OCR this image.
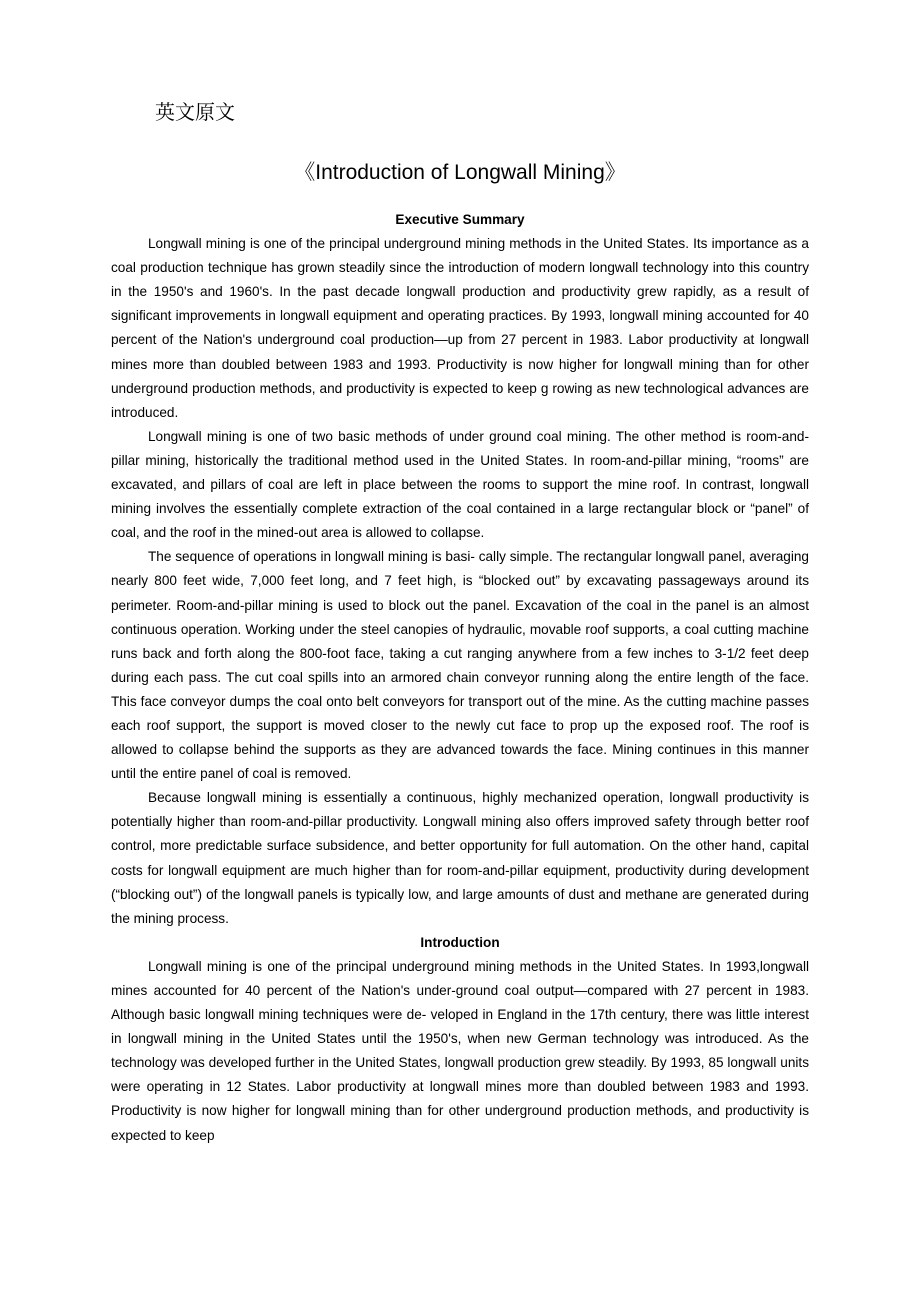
英文原文
《Introduction of Longwall Mining》
Executive Summary

Longwall mining is one of the principal underground mining methods in the United States. Its importance as a coal production technique has grown steadily since the introduction of modern longwall technology into this country in the 1950's and 1960's. In the past decade longwall production and productivity grew rapidly, as a result of significant improvements in longwall equipment and operating practices. By 1993, longwall mining accounted for 40 percent of the Nation's underground coal production—up from 27 percent in 1983. Labor productivity at longwall mines more than doubled between 1983 and 1993. Productivity is now higher for longwall mining than for other underground production methods, and productivity is expected to keep g rowing as new technological advances are introduced.

Longwall mining is one of two basic methods of under ground coal mining. The other method is room-and-pillar mining, historically the traditional method used in the United States. In room-and-pillar mining, “rooms” are excavated, and pillars of coal are left in place between the rooms to support the mine roof. In contrast, longwall mining involves the essentially complete extraction of the coal contained in a large rectangular block or “panel” of coal, and the roof in the mined-out area is allowed to collapse.

The sequence of operations in longwall mining is basi- cally simple. The rectangular longwall panel, averaging nearly 800 feet wide, 7,000 feet long, and 7 feet high, is “blocked out” by excavating passageways around its perimeter. Room-and-pillar mining is used to block out the panel. Excavation of the coal in the panel is an almost continuous operation. Working under the steel canopies of hydraulic, movable roof supports, a coal cutting machine runs back and forth along the 800-foot face, taking a cut ranging anywhere from a few inches to 3-1/2 feet deep during each pass. The cut coal spills into an armored chain conveyor running along the entire length of the face. This face conveyor dumps the coal onto belt conveyors for transport out of the mine. As the cutting machine passes each roof support, the support is moved closer to the newly cut face to prop up the exposed roof. The roof is allowed to collapse behind the supports as they are advanced towards the face. Mining continues in this manner until the entire panel of coal is removed.

Because longwall mining is essentially a continuous, highly mechanized operation, longwall productivity is potentially higher than room-and-pillar productivity. Longwall mining also offers improved safety through better roof control, more predictable surface subsidence, and better opportunity for full automation. On the other hand, capital costs for longwall equipment are much higher than for room-and-pillar equipment, productivity during development (“blocking out”) of the longwall panels is typically low, and large amounts of dust and methane are generated during the mining process.

Introduction

Longwall mining is one of the principal underground mining methods in the United States. In 1993,longwall mines accounted for 40 percent of the Nation's under-ground coal output—compared with 27 percent in 1983. Although basic longwall mining techniques were de- veloped in England in the 17th century, there was little interest in longwall mining in the United States until the 1950's, when new German technology was introduced. As the technology was developed further in the United States, longwall production grew steadily. By 1993, 85 longwall units were operating in 12 States. Labor productivity at longwall mines more than doubled between 1983 and 1993. Productivity is now higher for longwall mining than for other underground production methods, and productivity is expected to keep
